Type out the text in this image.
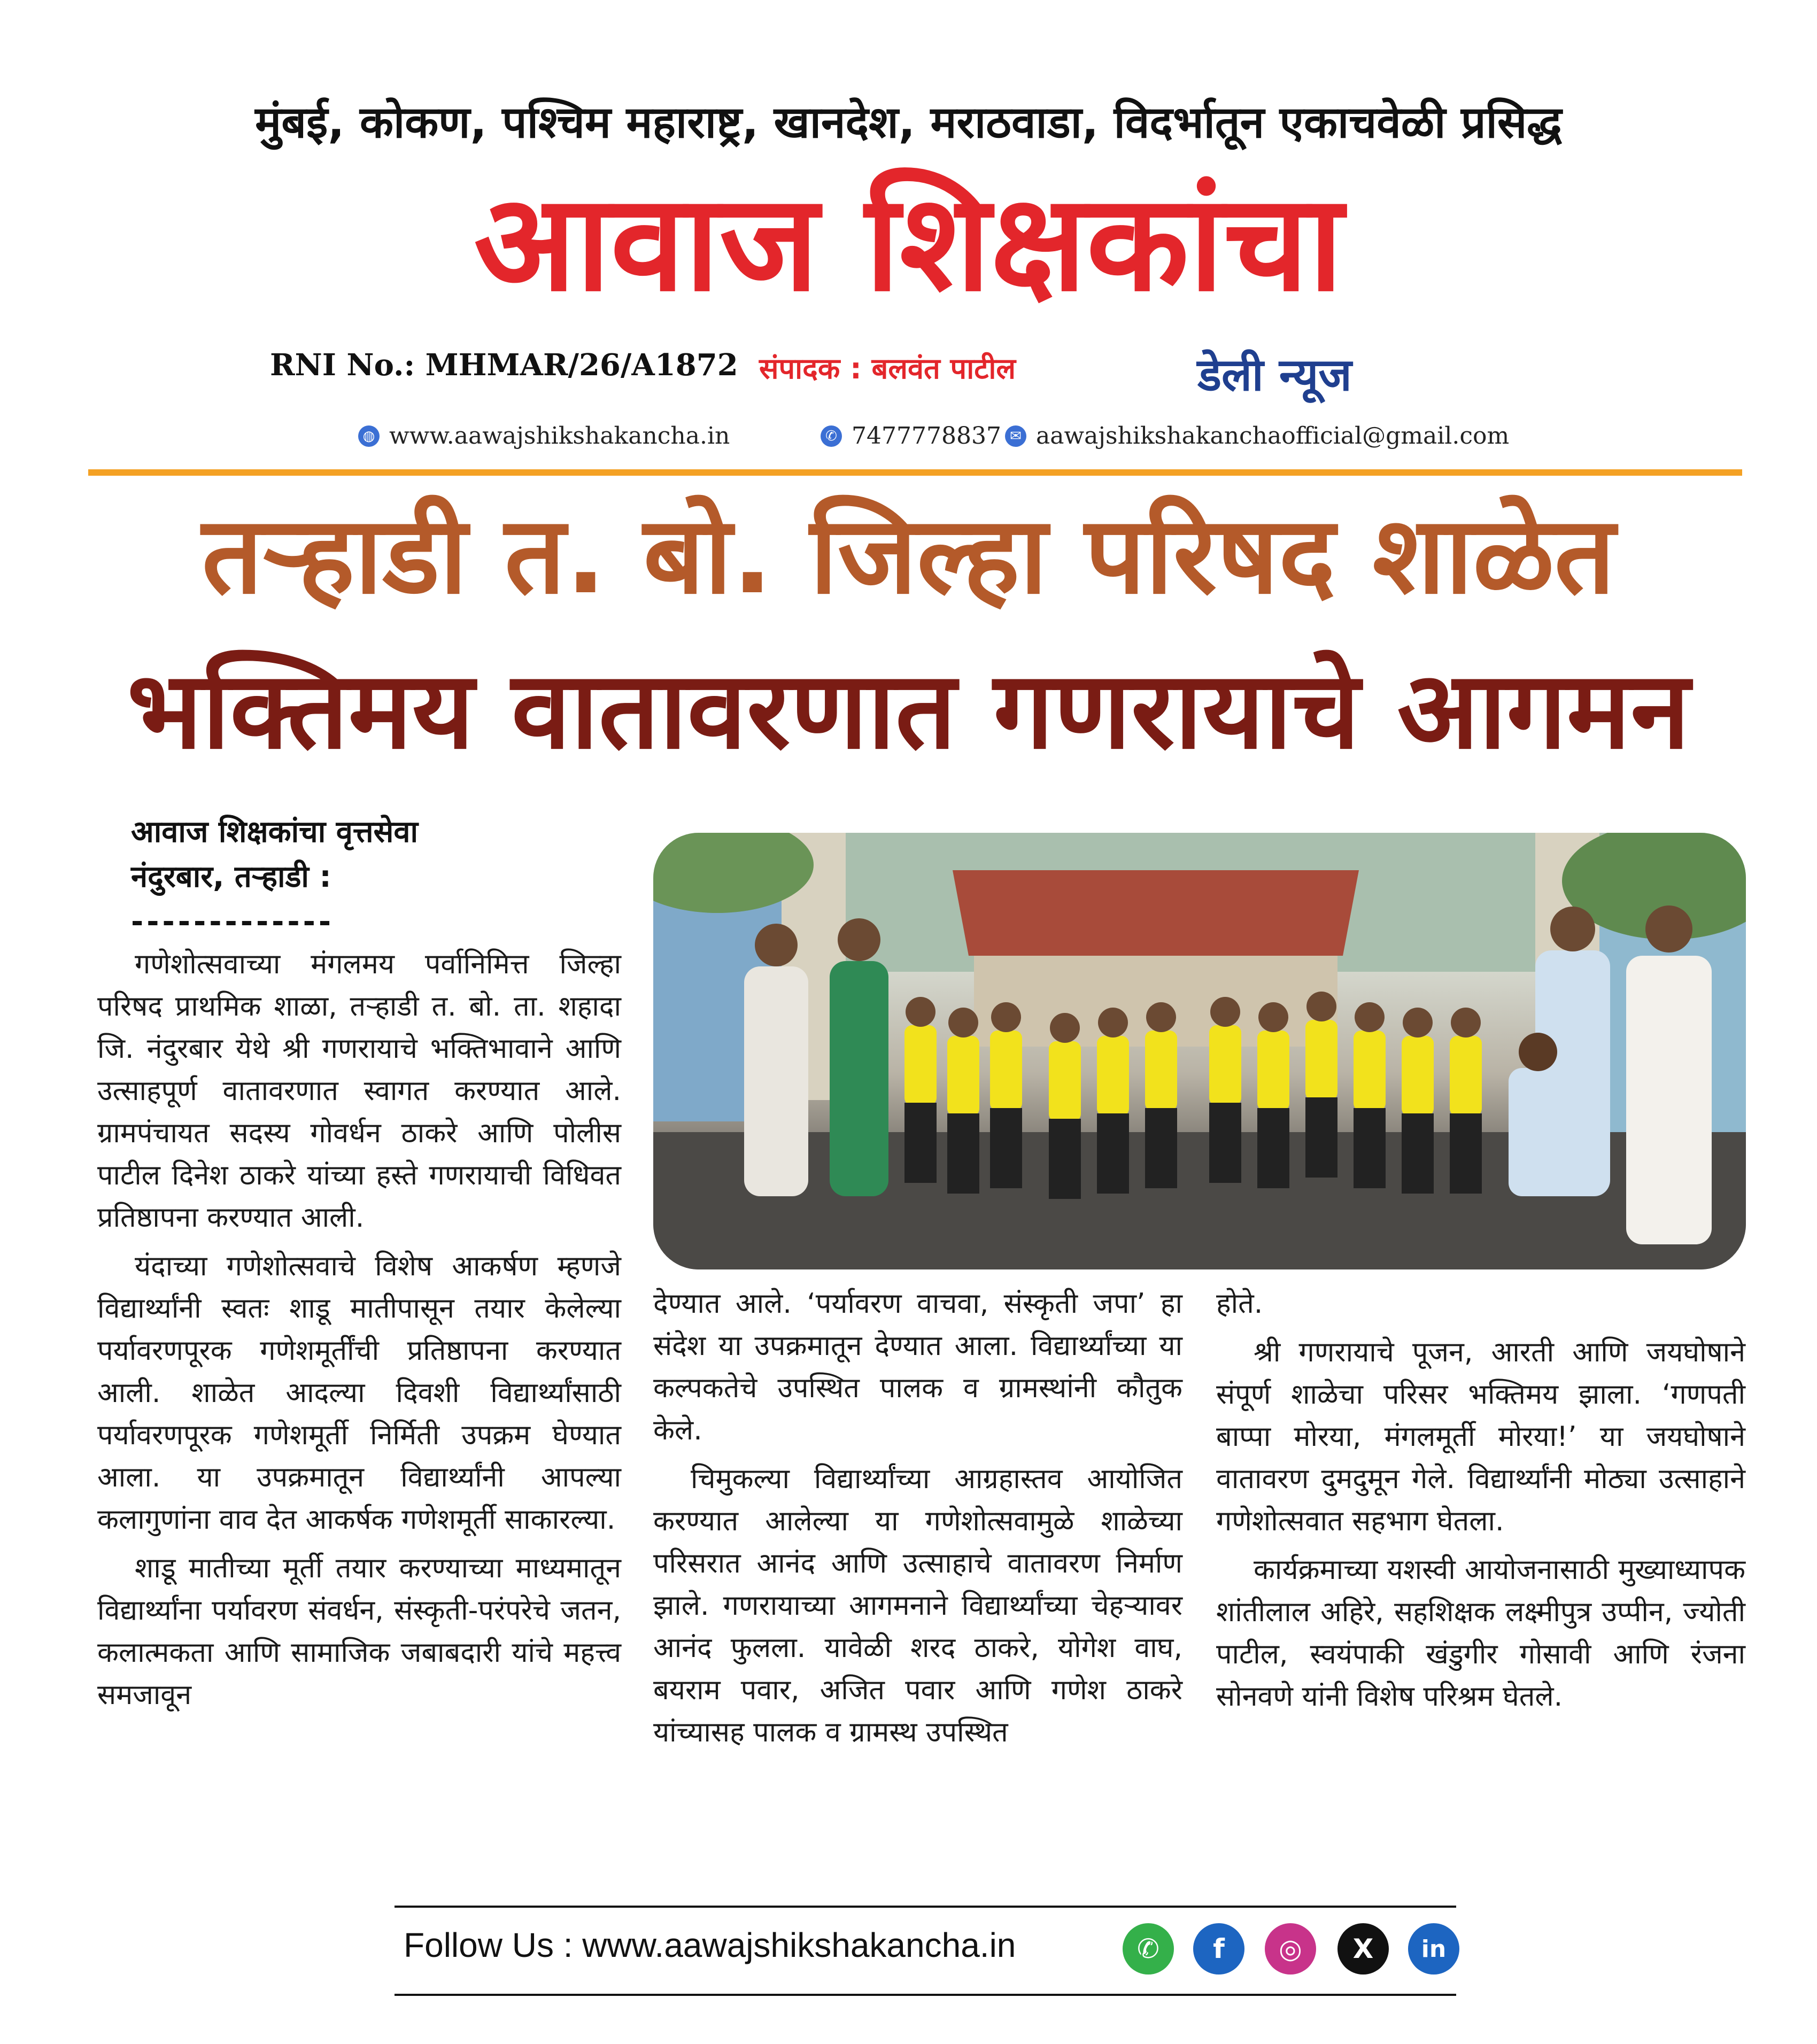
मुंबई, कोकण, पश्चिम महाराष्ट्र, खानदेश, मराठवाडा, विदर्भातून एकाचवेळी प्रसिद्ध
आवाज शिक्षकांचा
RNI No.: MHMAR/26/A1872 संपादक : बलवंत पाटील	डेली न्यूज
◍ www.aawajshikshakancha.in	✆ 7477778837 ✉ aawajshikshakanchaofficial@gmail.com
तऱ्हाडी त. बो. जिल्हा परिषद शाळेत
भक्तिमय वातावरणात गणरायाचे आगमन
आवाज शिक्षकांचा वृत्तसेवा
नंदुरबार, तऱ्हाडी :
-------------

गणेशोत्सवाच्या मंगलमय पर्वानिमित्त जिल्हा परिषद प्राथमिक शाळा, तऱ्हाडी त. बो. ता. शहादा जि. नंदुरबार येथे श्री गणरायाचे भक्तिभावाने आणि उत्साहपूर्ण वातावरणात स्वागत करण्यात आले. ग्रामपंचायत सदस्य गोवर्धन ठाकरे आणि पोलीस पाटील दिनेश ठाकरे यांच्या हस्ते गणरायाची विधिवत प्रतिष्ठापना करण्यात आली.

यंदाच्या गणेशोत्सवाचे विशेष आकर्षण म्हणजे विद्यार्थ्यांनी स्वतः शाडू मातीपासून तयार केलेल्या पर्यावरणपूरक गणेशमूर्तींची प्रतिष्ठापना करण्यात आली. शाळेत आदल्या दिवशी विद्यार्थ्यांसाठी पर्यावरणपूरक गणेशमूर्ती निर्मिती उपक्रम घेण्यात आला. या उपक्रमातून विद्यार्थ्यांनी आपल्या कलागुणांना वाव देत आकर्षक गणेशमूर्ती साकारल्या.

शाडू मातीच्या मूर्ती तयार करण्याच्या माध्यमातून विद्यार्थ्यांना पर्यावरण संवर्धन, संस्कृती-परंपरेचे जतन, कलात्मकता आणि सामाजिक जबाबदारी यांचे महत्त्व समजावून

देण्यात आले. ‘पर्यावरण वाचवा, संस्कृती जपा’ हा संदेश या उपक्रमातून देण्यात आला. विद्यार्थ्यांच्या या कल्पकतेचे उपस्थित पालक व ग्रामस्थांनी कौतुक केले.

चिमुकल्या विद्यार्थ्यांच्या आग्रहास्तव आयोजित करण्यात आलेल्या या गणेशोत्सवामुळे शाळेच्या परिसरात आनंद आणि उत्साहाचे वातावरण निर्माण झाले. गणरायाच्या आगमनाने विद्यार्थ्यांच्या चेहऱ्यावर आनंद फुलला. यावेळी शरद ठाकरे, योगेश वाघ, बयराम पवार, अजित पवार आणि गणेश ठाकरे यांच्यासह पालक व ग्रामस्थ उपस्थित

होते.

श्री गणरायाचे पूजन, आरती आणि जयघोषाने संपूर्ण शाळेचा परिसर भक्तिमय झाला. ‘गणपती बाप्पा मोरया, मंगलमूर्ती मोरया!’ या जयघोषाने वातावरण दुमदुमून गेले. विद्यार्थ्यांनी मोठ्या उत्साहाने गणेशोत्सवात सहभाग घेतला.

कार्यक्रमाच्या यशस्वी आयोजनासाठी मुख्याध्यापक शांतीलाल अहिरे, सहशिक्षक लक्ष्मीपुत्र उप्पीन, ज्योती पाटील, स्वयंपाकी खंडुगीर गोसावी आणि रंजना सोनवणे यांनी विशेष परिश्रम घेतले.

Follow Us : www.aawajshikshakancha.in	✆	f	◎	X	in
